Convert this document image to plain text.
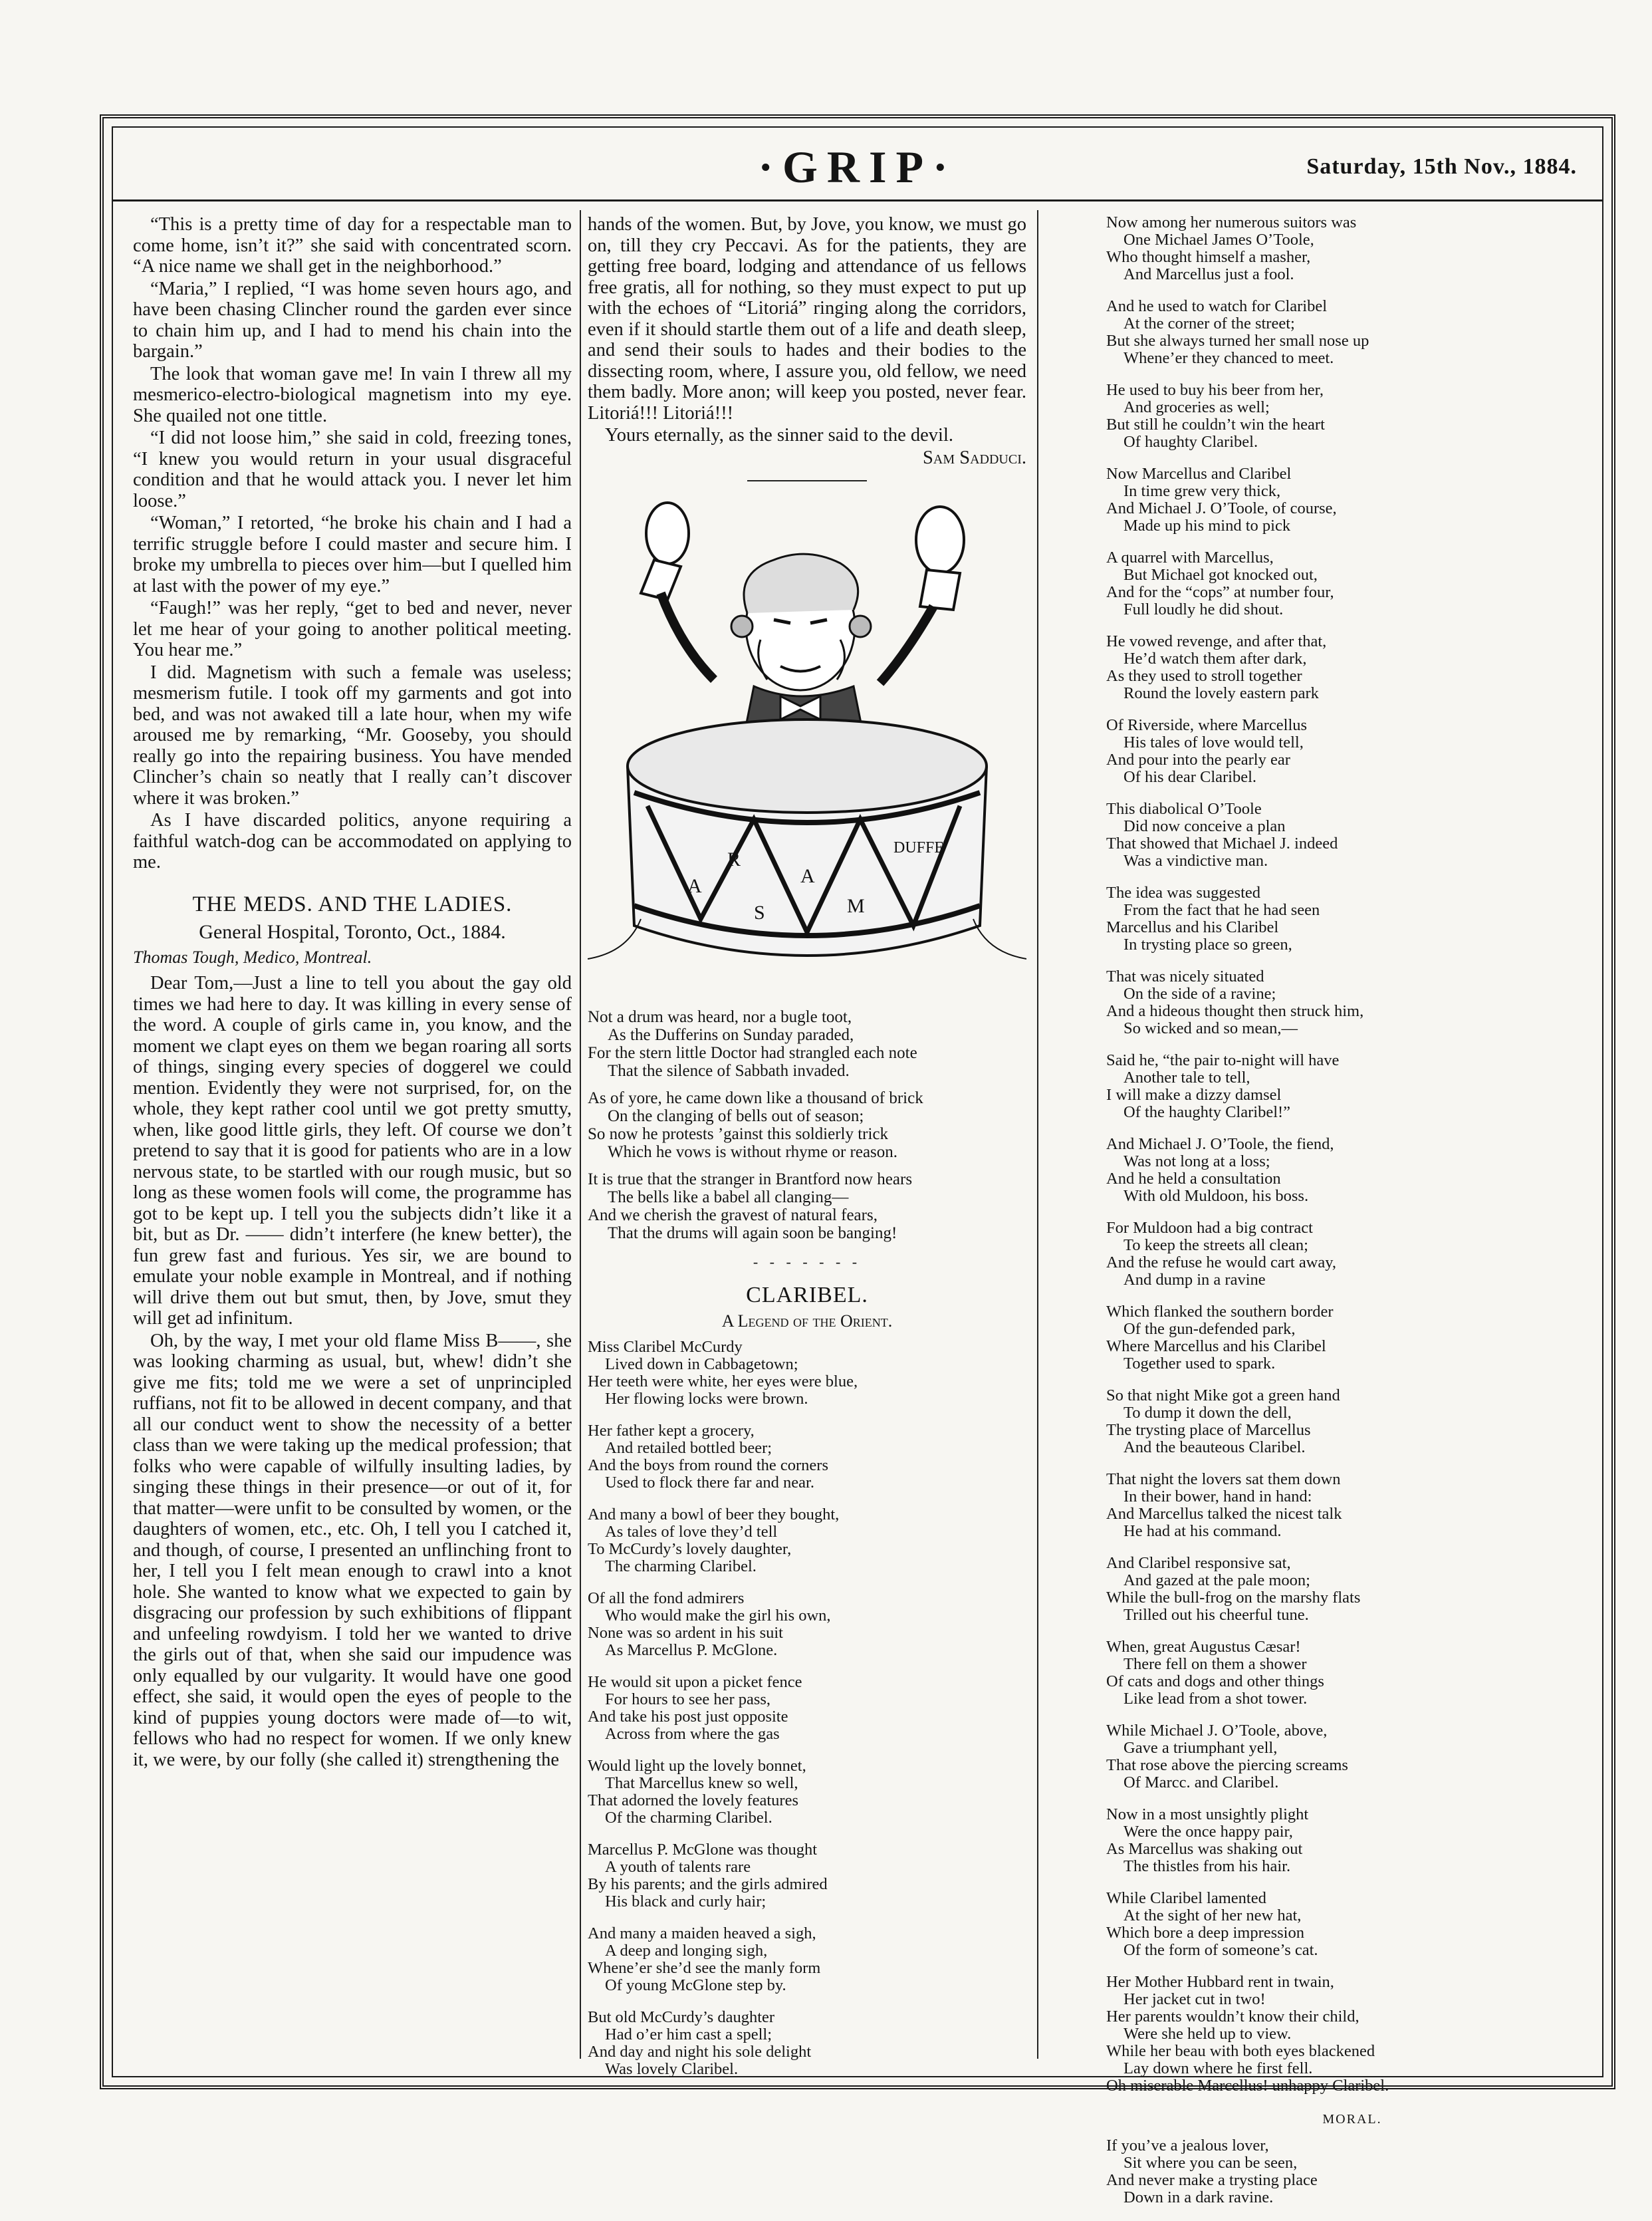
·GRIP·	Saturday, 15th Nov., 1884.

“This is a pretty time of day for a respectable man to come home, isn’t it?” she said with concentrated scorn. “A nice name we shall get in the neighborhood.”

“Maria,” I replied, “I was home seven hours ago, and have been chasing Clincher round the garden ever since to chain him up, and I had to mend his chain into the bargain.”

The look that woman gave me! In vain I threw all my mesmerico-electro-biological magnetism into my eye. She quailed not one tittle.

“I did not loose him,” she said in cold, freezing tones, “I knew you would return in your usual disgraceful condition and that he would attack you. I never let him loose.”

“Woman,” I retorted, “he broke his chain and I had a terrific struggle before I could master and secure him. I broke my umbrella to pieces over him—but I quelled him at last with the power of my eye.”

“Faugh!” was her reply, “get to bed and never, never let me hear of your going to another political meeting. You hear me.”

I did. Magnetism with such a female was useless; mesmerism futile. I took off my garments and got into bed, and was not awaked till a late hour, when my wife aroused me by remarking, “Mr. Gooseby, you should really go into the repairing business. You have mended Clincher’s chain so neatly that I really can’t discover where it was broken.”

As I have discarded politics, anyone requiring a faithful watch-dog can be accommodated on applying to me.

THE MEDS. AND THE LADIES.
General Hospital, Toronto, Oct., 1884.
Thomas Tough, Medico, Montreal.

Dear Tom,—Just a line to tell you about the gay old times we had here to day. It was killing in every sense of the word. A couple of girls came in, you know, and the moment we clapt eyes on them we began roaring all sorts of things, singing every species of doggerel we could mention. Evidently they were not surprised, for, on the whole, they kept rather cool until we got pretty smutty, when, like good little girls, they left. Of course we don’t pretend to say that it is good for patients who are in a low nervous state, to be startled with our rough music, but so long as these women fools will come, the programme has got to be kept up. I tell you the subjects didn’t like it a bit, but as Dr. —— didn’t interfere (he knew better), the fun grew fast and furious. Yes sir, we are bound to emulate your noble example in Montreal, and if nothing will drive them out but smut, then, by Jove, smut they will get ad infinitum.

Oh, by the way, I met your old flame Miss B——, she was looking charming as usual, but, whew! didn’t she give me fits; told me we were a set of unprincipled ruffians, not fit to be allowed in decent company, and that all our conduct went to show the necessity of a better class than we were taking up the medical profession; that folks who were capable of wilfully insulting ladies, by singing these things in their presence—or out of it, for that matter—were unfit to be consulted by women, or the daughters of women, etc., etc. Oh, I tell you I catched it, and though, of course, I presented an unflinching front to her, I tell you I felt mean enough to crawl into a knot hole. She wanted to know what we expected to gain by disgracing our profession by such exhibitions of flippant and unfeeling rowdyism. I told her we wanted to drive the girls out of that, when she said our impudence was only equalled by our vulgarity. It would have one good effect, she said, it would open the eyes of people to the kind of puppies young doctors were made of—to wit, fellows who had no respect for women. If we only knew it, we were, by our folly (she called it) strengthening the

hands of the women. But, by Jove, you know, we must go on, till they cry Peccavi. As for the patients, they are getting free board, lodging and attendance of us fellows free gratis, all for nothing, so they must expect to put up with the echoes of “Litoriá” ringing along the corridors, even if it should startle them out of a life and death sleep, and send their souls to hades and their bodies to the dissecting room, where, I assure you, old fellow, we need them badly. More anon; will keep you posted, never fear. Litoriá!!! Litoriá!!!

Yours eternally, as the sinner said to the devil.

Sam Sadduci.
R
A
A
DUFFE
S	M
Not a drum was heard, nor a bugle toot,
As the Dufferins on Sunday paraded,
For the stern little Doctor had strangled each note
That the silence of Sabbath invaded.
As of yore, he came down like a thousand of brick
On the clanging of bells out of season;
So now he protests ’gainst this soldierly trick
Which he vows is without rhyme or reason.
It is true that the stranger in Brantford now hears
The bells like a babel all clanging—
And we cherish the gravest of natural fears,
That the drums will again soon be banging!
- - - - - - -
CLARIBEL.
A Legend of the Orient.
Miss Claribel McCurdy
Lived down in Cabbagetown;
Her teeth were white, her eyes were blue,
Her flowing locks were brown.
Her father kept a grocery,
And retailed bottled beer;
And the boys from round the corners
Used to flock there far and near.
And many a bowl of beer they bought,
As tales of love they’d tell
To McCurdy’s lovely daughter,
The charming Claribel.
Of all the fond admirers
Who would make the girl his own,
None was so ardent in his suit
As Marcellus P. McGlone.
He would sit upon a picket fence
For hours to see her pass,
And take his post just opposite
Across from where the gas
Would light up the lovely bonnet,
That Marcellus knew so well,
That adorned the lovely features
Of the charming Claribel.
Marcellus P. McGlone was thought
A youth of talents rare
By his parents; and the girls admired
His black and curly hair;
And many a maiden heaved a sigh,
A deep and longing sigh,
Whene’er she’d see the manly form
Of young McGlone step by.
But old McCurdy’s daughter
Had o’er him cast a spell;
And day and night his sole delight
Was lovely Claribel.
Now among her numerous suitors was
One Michael James O’Toole,
Who thought himself a masher,
And Marcellus just a fool.
And he used to watch for Claribel
At the corner of the street;
But she always turned her small nose up
Whene’er they chanced to meet.
He used to buy his beer from her,
And groceries as well;
But still he couldn’t win the heart
Of haughty Claribel.
Now Marcellus and Claribel
In time grew very thick,
And Michael J. O’Toole, of course,
Made up his mind to pick
A quarrel with Marcellus,
But Michael got knocked out,
And for the “cops” at number four,
Full loudly he did shout.
He vowed revenge, and after that,
He’d watch them after dark,
As they used to stroll together
Round the lovely eastern park
Of Riverside, where Marcellus
His tales of love would tell,
And pour into the pearly ear
Of his dear Claribel.
This diabolical O’Toole
Did now conceive a plan
That showed that Michael J. indeed
Was a vindictive man.
The idea was suggested
From the fact that he had seen
Marcellus and his Claribel
In trysting place so green,
That was nicely situated
On the side of a ravine;
And a hideous thought then struck him,
So wicked and so mean,—
Said he, “the pair to-night will have
Another tale to tell,
I will make a dizzy damsel
Of the haughty Claribel!”
And Michael J. O’Toole, the fiend,
Was not long at a loss;
And he held a consultation
With old Muldoon, his boss.
For Muldoon had a big contract
To keep the streets all clean;
And the refuse he would cart away,
And dump in a ravine
Which flanked the southern border
Of the gun-defended park,
Where Marcellus and his Claribel
Together used to spark.
So that night Mike got a green hand
To dump it down the dell,
The trysting place of Marcellus
And the beauteous Claribel.
That night the lovers sat them down
In their bower, hand in hand:
And Marcellus talked the nicest talk
He had at his command.
And Claribel responsive sat,
And gazed at the pale moon;
While the bull-frog on the marshy flats
Trilled out his cheerful tune.
When, great Augustus Cæsar!
There fell on them a shower
Of cats and dogs and other things
Like lead from a shot tower.
While Michael J. O’Toole, above,
Gave a triumphant yell,
That rose above the piercing screams
Of Marcc. and Claribel.
Now in a most unsightly plight
Were the once happy pair,
As Marcellus was shaking out
The thistles from his hair.
While Claribel lamented
At the sight of her new hat,
Which bore a deep impression
Of the form of someone’s cat.
Her Mother Hubbard rent in twain,
Her jacket cut in two!
Her parents wouldn’t know their child,
Were she held up to view.
While her beau with both eyes blackened
Lay down where he first fell.
Oh miserable Marcellus! unhappy Claribel.
MORAL.
If you’ve a jealous lover,
Sit where you can be seen,
And never make a trysting place
Down in a dark ravine.
